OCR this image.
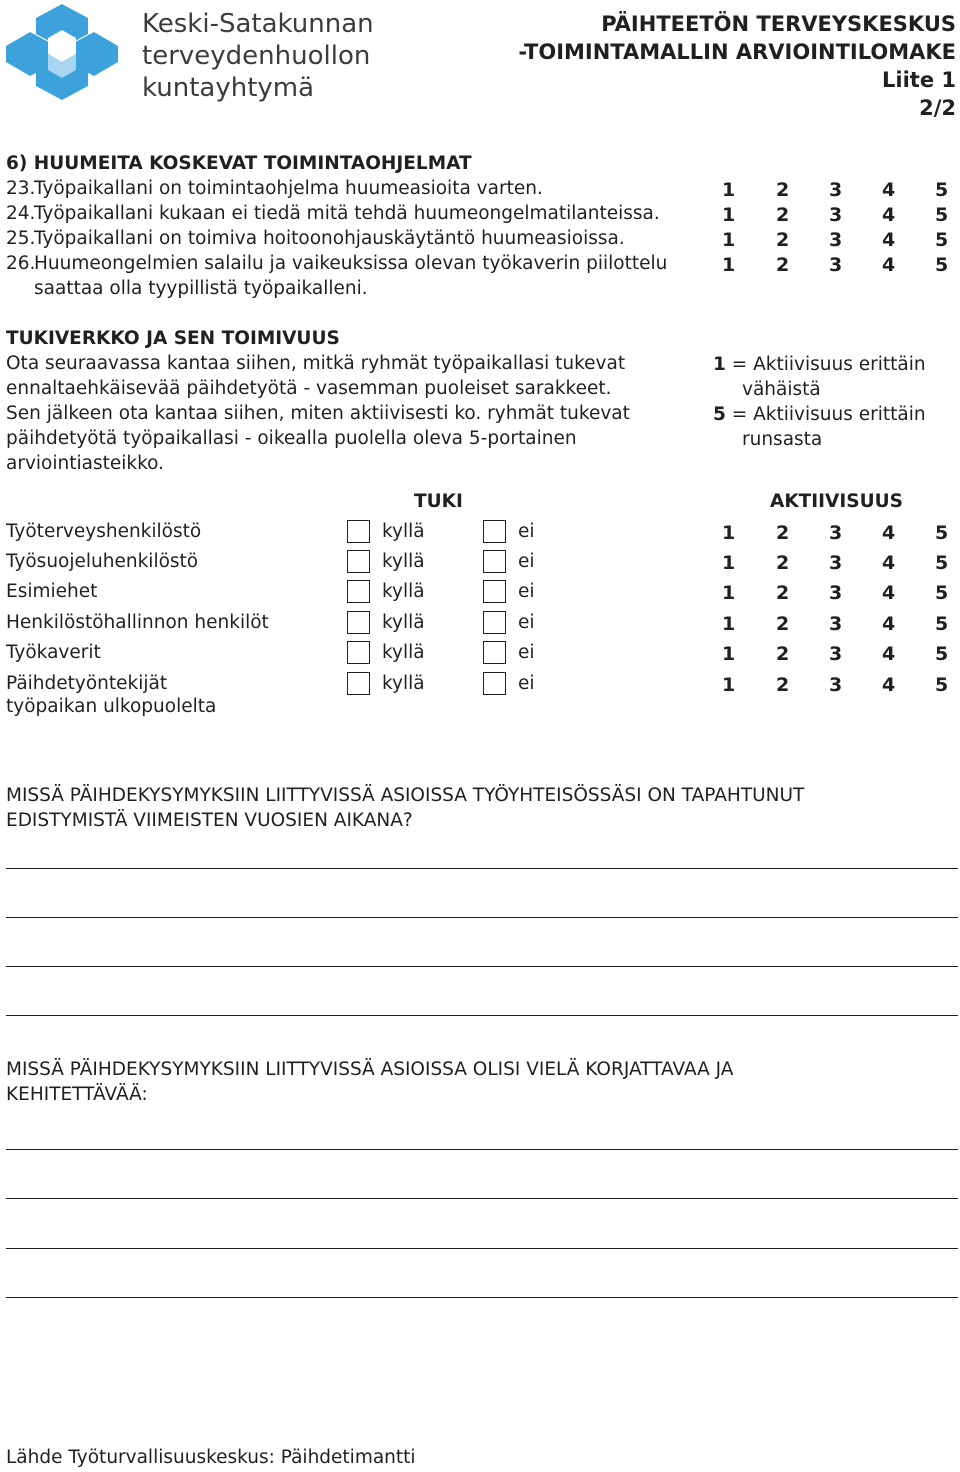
Keski-Satakunnan
terveydenhuollon
kuntayhtymä
PÄIHTEETÖN TERVEYSKESKUS
-TOIMINTAMALLIN ARVIOINTILOMAKE
Liite 1
2/2
6) HUUMEITA KOSKEVAT TOIMINTAOHJELMAT
23.Työpaikallani on toimintaohjelma huumeasioita varten.
24.Työpaikallani kukaan ei tiedä mitä tehdä huumeongelmatilanteissa.
25.Työpaikallani on toimiva hoitoonohjauskäytäntö huumeasioissa.
26.Huumeongelmien salailu ja vaikeuksissa olevan työkaverin piilottelu
saattaa olla tyypillistä työpaikalleni.
1 2 3 4 5
1 2 3 4 5
1 2 3 4 5
1 2 3 4 5
TUKIVERKKO JA SEN TOIMIVUUS
Ota seuraavassa kantaa siihen, mitkä ryhmät työpaikallasi tukevat
ennaltaehkäisevää päihdetyötä - vasemman puoleiset sarakkeet.
Sen jälkeen ota kantaa siihen, miten aktiivisesti ko. ryhmät tukevat
päihdetyötä työpaikallasi - oikealla puolella oleva 5-portainen
arviointiasteikko.
1 = Aktiivisuus erittäin
vähäistä
5 = Aktiivisuus erittäin
runsasta
TUKI	AKTIIVISUUS
Työterveyshenkilöstö	kyllä	ei	1 2 3 4 5
Työsuojeluhenkilöstö	kyllä	ei	1 2 3 4 5
Esimiehet	kyllä	ei	1 2 3 4 5
Henkilöstöhallinnon henkilöt	kyllä	ei	1 2 3 4 5
Työkaverit	kyllä	ei	1 2 3 4 5
Päihdetyöntekijät
työpaikan ulkopuolelta
kyllä	ei	1 2 3 4 5
MISSÄ PÄIHDEKYSYMYKSIIN LIITTYVISSÄ ASIOISSA TYÖYHTEISÖSSÄSI ON TAPAHTUNUT
EDISTYMISTÄ VIIMEISTEN VUOSIEN AIKANA?
MISSÄ PÄIHDEKYSYMYKSIIN LIITTYVISSÄ ASIOISSA OLISI VIELÄ KORJATTAVAA JA
KEHITETTÄVÄÄ:
Lähde Työturvallisuuskeskus: Päihdetimantti
